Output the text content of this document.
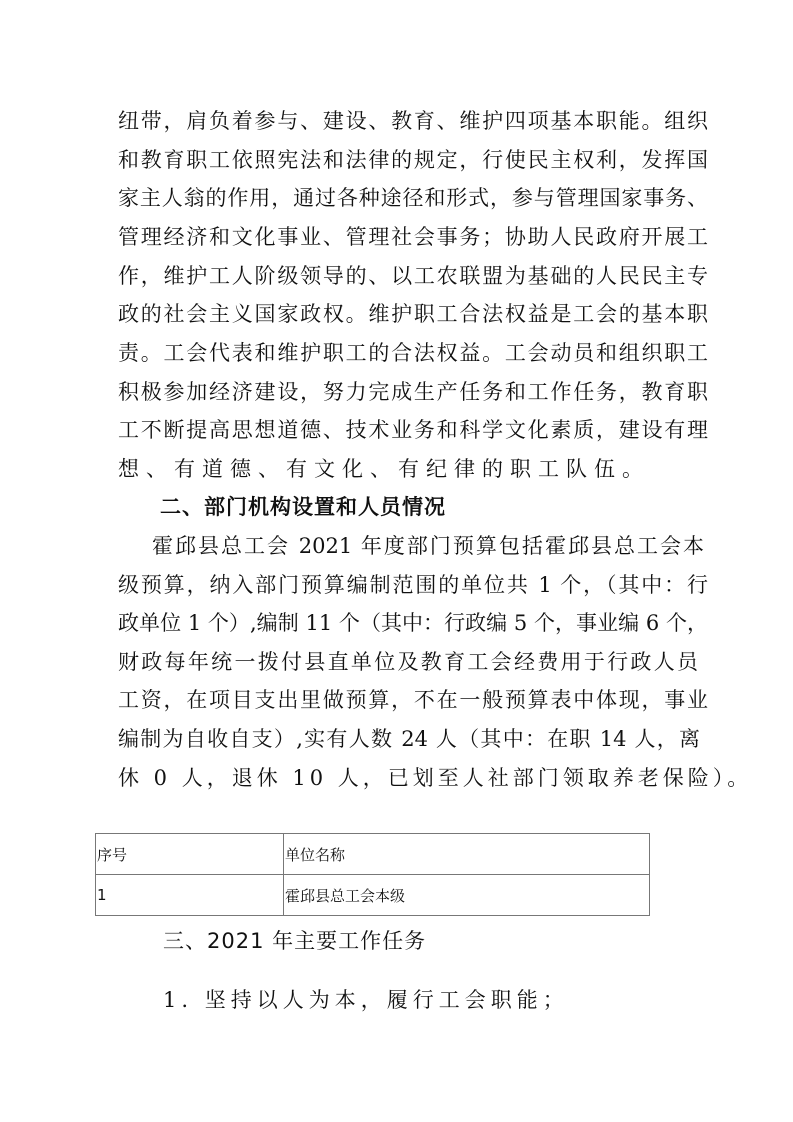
纽带，肩负着参与、建设、教育、维护四项基本职能。组织
和教育职工依照宪法和法律的规定，行使民主权利，发挥国
家主人翁的作用，通过各种途径和形式，参与管理国家事务、
管理经济和文化事业、管理社会事务；协助人民政府开展工
作，维护工人阶级领导的、以工农联盟为基础的人民民主专
政的社会主义国家政权。维护职工合法权益是工会的基本职
责。工会代表和维护职工的合法权益。工会动员和组织职工
积极参加经济建设，努力完成生产任务和工作任务，教育职
工不断提高思想道德、技术业务和科学文化素质，建设有理
想、有道德、有文化、有纪律的职工队伍。
二、部门机构设置和人员情况
霍邱县总工会 2021 年度部门预算包括霍邱县总工会本
级预算，纳入部门预算编制范围的单位共 1 个，（其中：行
政单位 1 个）,编制 11 个（其中：行政编 5 个，事业编 6 个，
财政每年统一拨付县直单位及教育工会经费用于行政人员
工资，在项目支出里做预算，不在一般预算表中体现，事业
编制为自收自支）,实有人数 24 人（其中：在职 14 人，离
休 0 人，退休 10 人，已划至人社部门领取养老保险）。
序号	单位名称
1	霍邱县总工会本级
三、2021 年主要工作任务
1. 坚持以人为本，履行工会职能；
